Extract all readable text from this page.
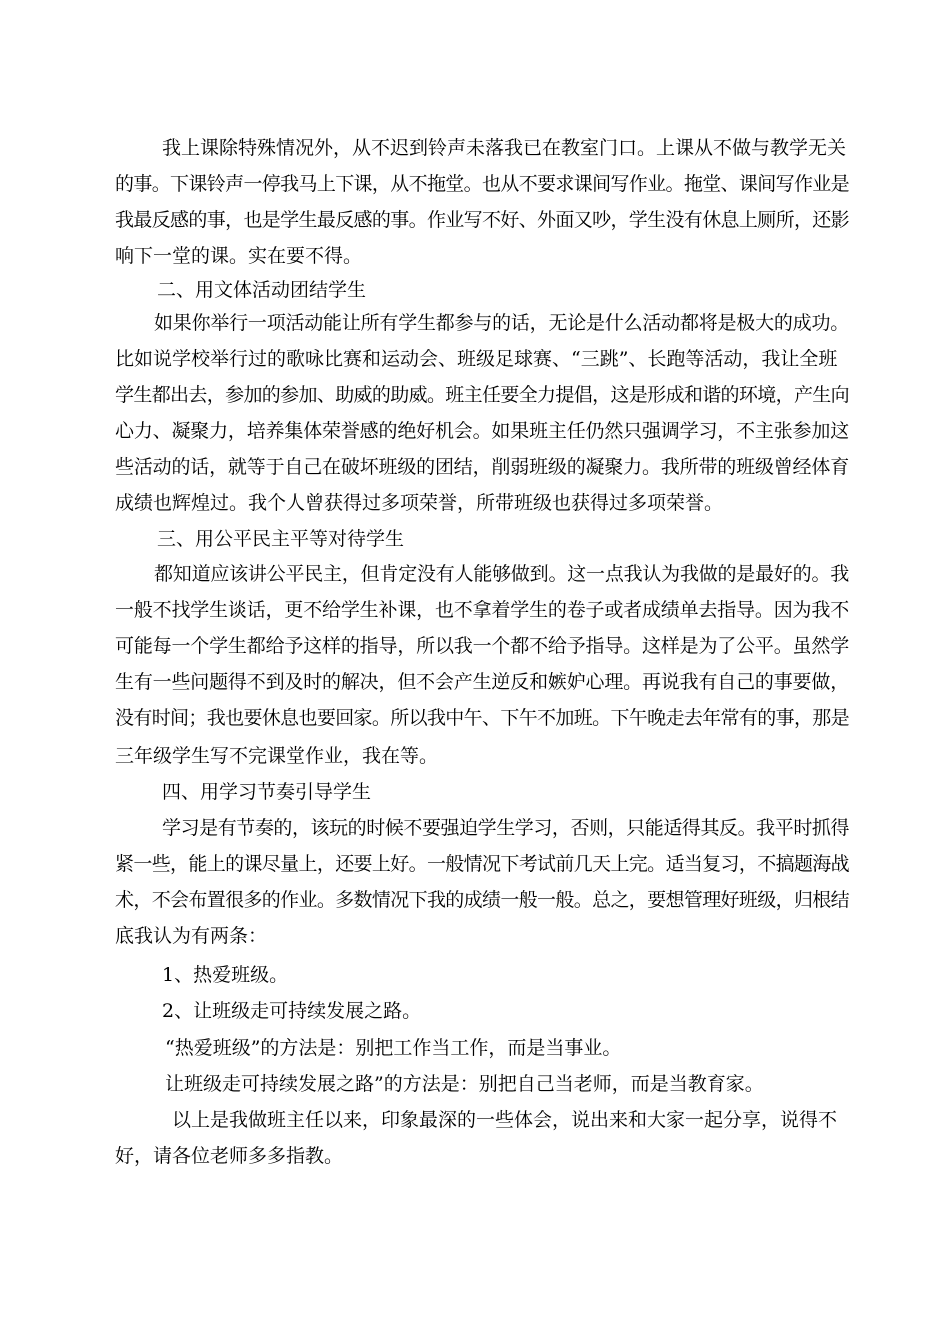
我上课除特殊情况外，从不迟到铃声未落我已在教室门口。上课从不做与教学无关
的事。下课铃声一停我马上下课，从不拖堂。也从不要求课间写作业。拖堂、课间写作业是
我最反感的事，也是学生最反感的事。作业写不好、外面又吵，学生没有休息上厕所，还影
响下一堂的课。实在要不得。
二、用文体活动团结学生
如果你举行一项活动能让所有学生都参与的话，无论是什么活动都将是极大的成功。
比如说学校举行过的歌咏比赛和运动会、班级足球赛、“三跳”、长跑等活动，我让全班
学生都出去，参加的参加、助威的助威。班主任要全力提倡，这是形成和谐的环境，产生向
心力、凝聚力，培养集体荣誉感的绝好机会。如果班主任仍然只强调学习，不主张参加这
些活动的话，就等于自己在破坏班级的团结，削弱班级的凝聚力。我所带的班级曾经体育
成绩也辉煌过。我个人曾获得过多项荣誉，所带班级也获得过多项荣誉。
三、用公平民主平等对待学生
都知道应该讲公平民主，但肯定没有人能够做到。这一点我认为我做的是最好的。我
一般不找学生谈话，更不给学生补课，也不拿着学生的卷子或者成绩单去指导。因为我不
可能每一个学生都给予这样的指导，所以我一个都不给予指导。这样是为了公平。虽然学
生有一些问题得不到及时的解决，但不会产生逆反和嫉妒心理。再说我有自己的事要做，
没有时间；我也要休息也要回家。所以我中午、下午不加班。下午晚走去年常有的事，那是
三年级学生写不完课堂作业，我在等。
四、用学习节奏引导学生
学习是有节奏的，该玩的时候不要强迫学生学习，否则，只能适得其反。我平时抓得
紧一些，能上的课尽量上，还要上好。一般情况下考试前几天上完。适当复习，不搞题海战
术，不会布置很多的作业。多数情况下我的成绩一般一般。总之，要想管理好班级，归根结
底我认为有两条：
1、热爱班级。
2、让班级走可持续发展之路。
“热爱班级”的方法是：别把工作当工作，而是当事业。
让班级走可持续发展之路”的方法是：别把自己当老师，而是当教育家。
以上是我做班主任以来，印象最深的一些体会，说出来和大家一起分享，说得不
好，请各位老师多多指教。
